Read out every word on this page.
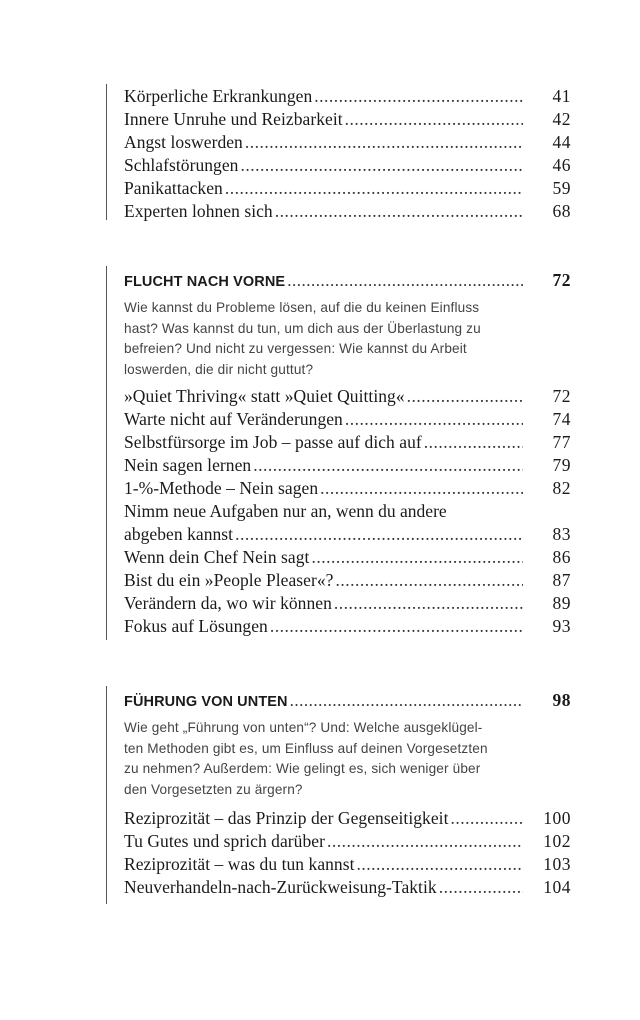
Körperliche Erkrankungen .....	41
Innere Unruhe und Reizbarkeit .....	42
Angst loswerden .....	44
Schlafstörungen .....	46
Panikattacken .....	59
Experten lohnen sich .....	68
FLUCHT NACH VORNE .....	72
Wie kannst du Probleme lösen, auf die du keinen Einfluss
hast? Was kannst du tun, um dich aus der Überlastung zu
befreien? Und nicht zu vergessen: Wie kannst du Arbeit
loswerden, die dir nicht guttut?
»Quiet Thriving« statt »Quiet Quitting« .....	72
Warte nicht auf Veränderungen .....	74
Selbstfürsorge im Job – passe auf dich auf .....	77
Nein sagen lernen .....	79
1-%-Methode – Nein sagen .....	82
Nimm neue Aufgaben nur an, wenn du andere
abgeben kannst .....	83
Wenn dein Chef Nein sagt .....	86
Bist du ein »People Pleaser«? .....	87
Verändern da, wo wir können .....	89
Fokus auf Lösungen .....	93
FÜHRUNG VON UNTEN .....	98
Wie geht „Führung von unten“? Und: Welche ausgeklügel-
ten Methoden gibt es, um Einfluss auf deinen Vorgesetzten
zu nehmen? Außerdem: Wie gelingt es, sich weniger über
den Vorgesetzten zu ärgern?
Reziprozität – das Prinzip der Gegenseitigkeit .....	100
Tu Gutes und sprich darüber .....	102
Reziprozität – was du tun kannst .....	103
Neuverhandeln-nach-Zurückweisung-Taktik .....	104
